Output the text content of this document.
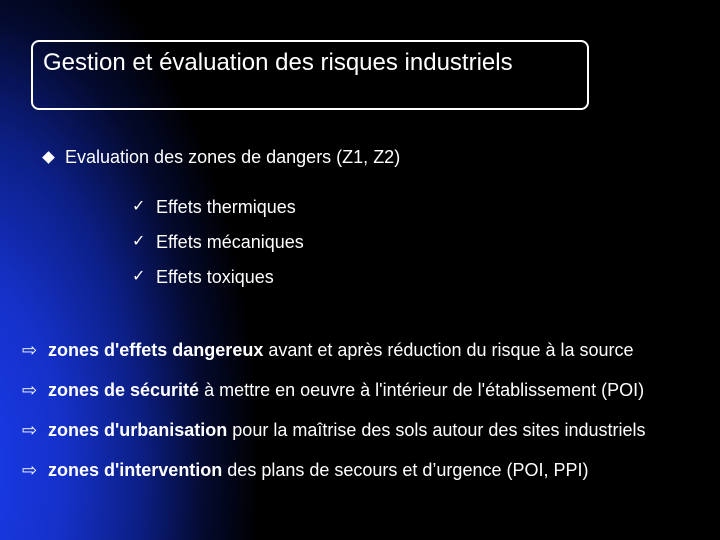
Gestion et évaluation des risques industriels

Evaluation des zones de dangers (Z1, Z2)
✓ Effets thermiques
✓ Effets mécaniques
✓ Effets toxiques
⇨ zones d'effets dangereux avant et après réduction du risque à la source
⇨ zones de sécurité à mettre en oeuvre à l'intérieur de l'établissement (POI)
⇨ zones d'urbanisation pour la maîtrise des sols autour des sites industriels
⇨ zones d'intervention des plans de secours et d’urgence (POI, PPI)
